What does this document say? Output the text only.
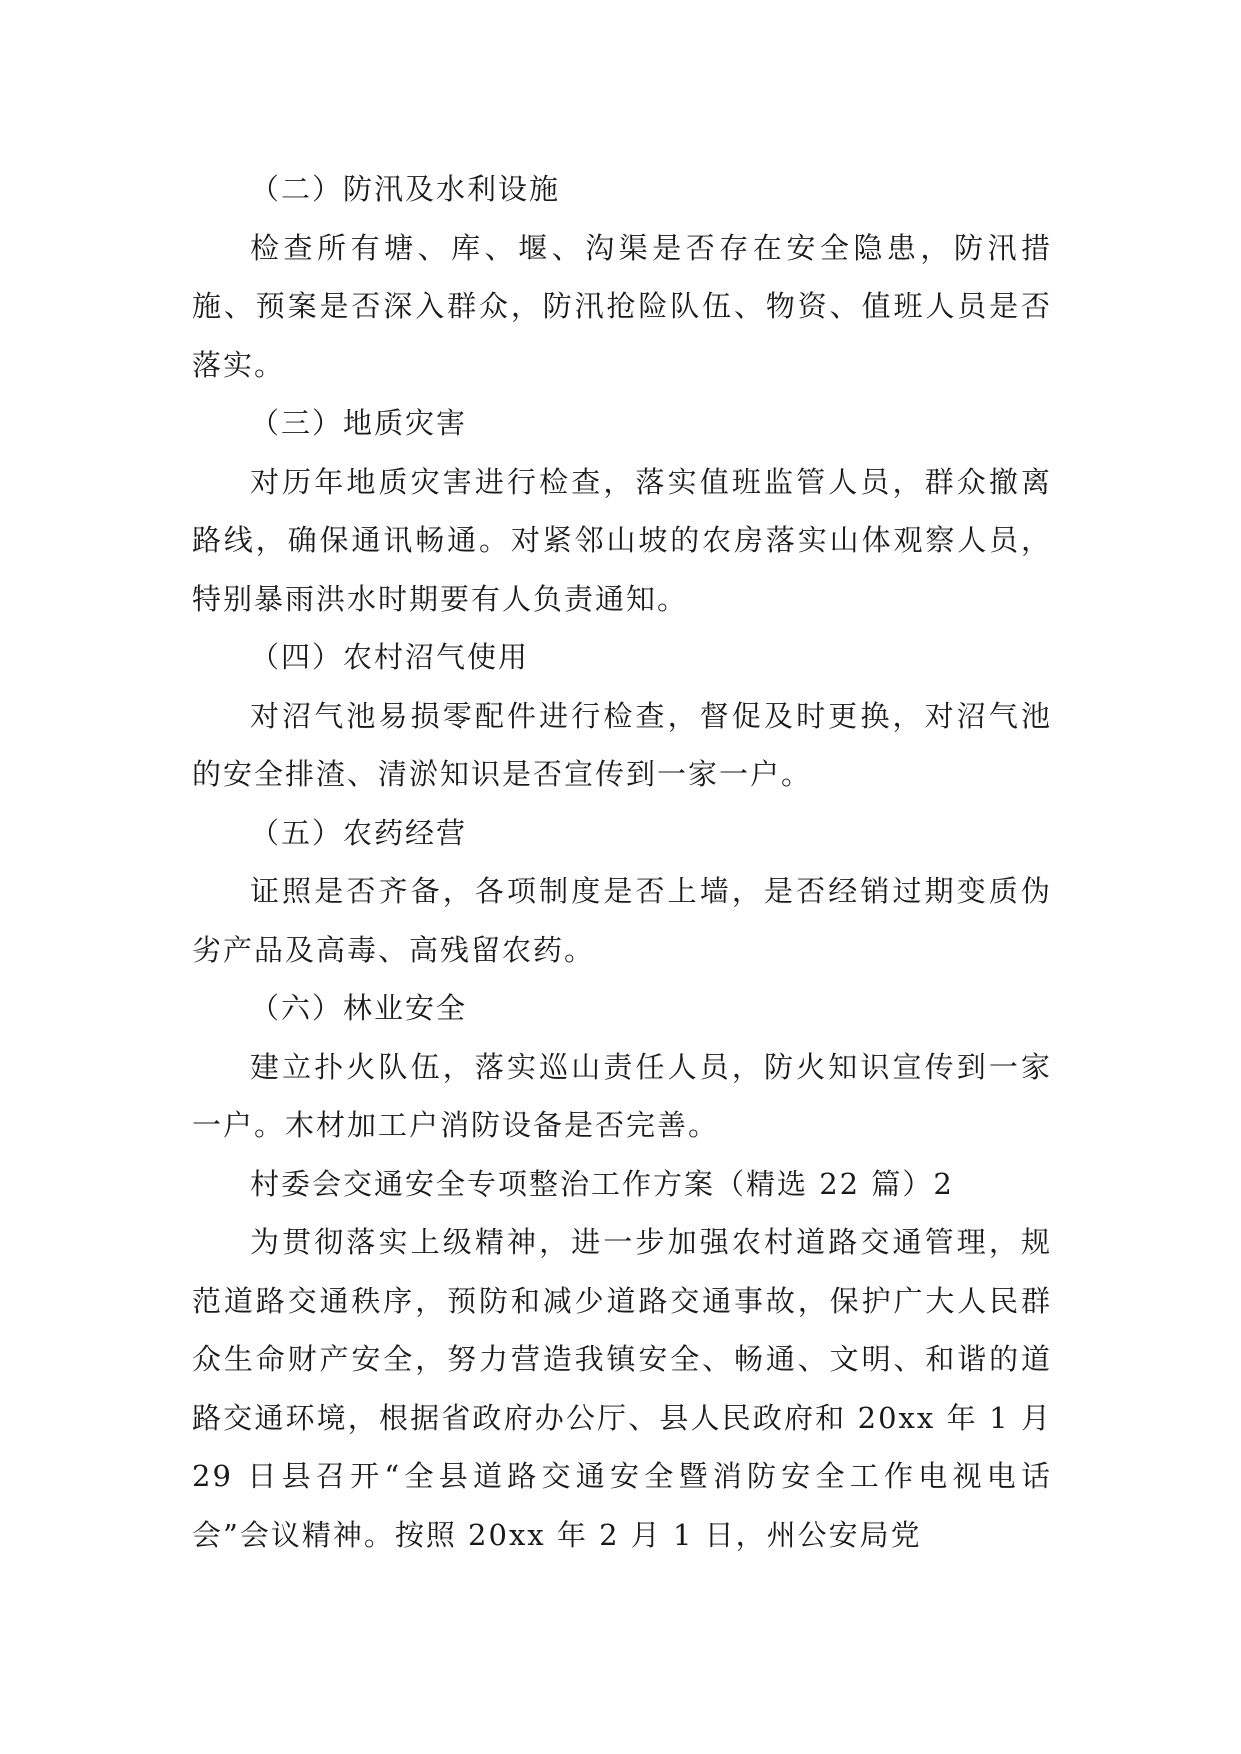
（二）防汛及水利设施

检查所有塘、库、堰、沟渠是否存在安全隐患，防汛措施、预案是否深入群众，防汛抢险队伍、物资、值班人员是否落实。

（三）地质灾害

对历年地质灾害进行检查，落实值班监管人员，群众撤离路线，确保通讯畅通。对紧邻山坡的农房落实山体观察人员，特别暴雨洪水时期要有人负责通知。

（四）农村沼气使用

对沼气池易损零配件进行检查，督促及时更换，对沼气池的安全排渣、清淤知识是否宣传到一家一户。

（五）农药经营

证照是否齐备，各项制度是否上墙，是否经销过期变质伪劣产品及高毒、高残留农药。

（六）林业安全

建立扑火队伍，落实巡山责任人员，防火知识宣传到一家一户。木材加工户消防设备是否完善。

村委会交通安全专项整治工作方案（精选 22 篇）2

为贯彻落实上级精神，进一步加强农村道路交通管理，规范道路交通秩序，预防和减少道路交通事故，保护广大人民群众生命财产安全，努力营造我镇安全、畅通、文明、和谐的道路交通环境，根据省政府办公厅、县人民政府和 20xx 年 1 月 29 日县召开“全县道路交通安全暨消防安全工作电视电话会”会议精神。按照 20xx 年 2 月 1 日，州公安局党
